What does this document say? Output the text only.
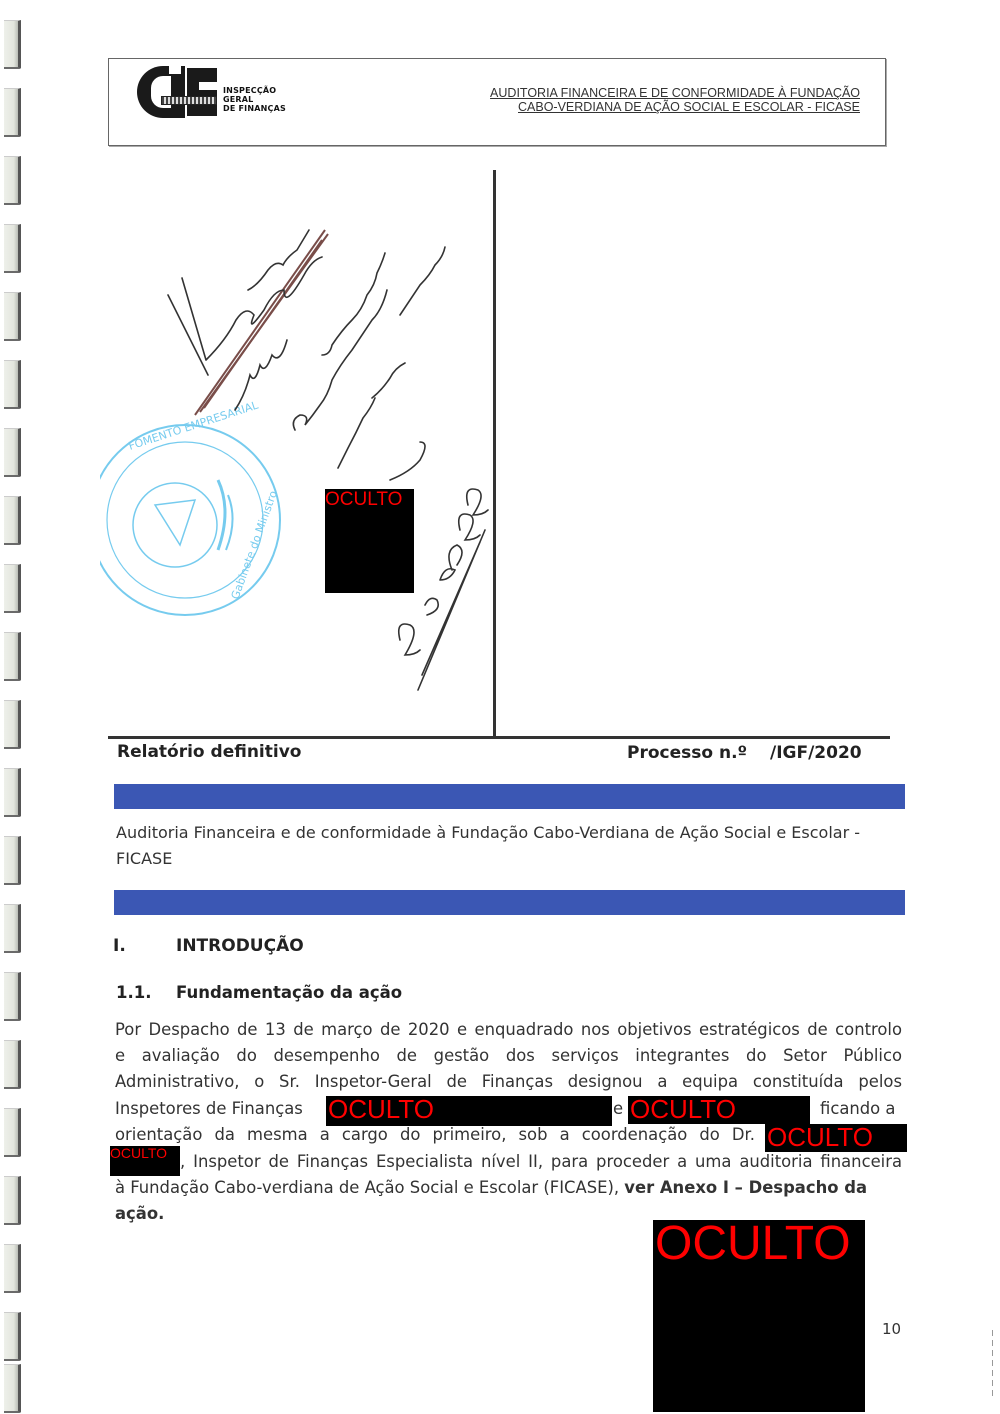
INSPECÇÃO
GERAL
DE FINANÇAS
AUDITORIA FINANCEIRA E DE CONFORMIDADE À FUNDAÇÃO
CABO-VERDIANA DE AÇÃO SOCIAL E ESCOLAR - FICASE
FOMENTO EMPRESARIAL
Gabinete do Ministro OCULTO
Relatório definitivo	Processo n.º /IGF/2020
Auditoria Financeira e de conformidade à Fundação Cabo-Verdiana de Ação Social e Escolar - FICASE
I.	INTRODUÇÃO
1.1. Fundamentação da ação
Por Despacho de 13 de março de 2020 e enquadrado nos objetivos estratégicos de controlo
e avaliação do desempenho de gestão dos serviços integrantes do Setor Público
Administrativo, o Sr. Inspetor-Geral de Finanças designou a equipa constituída pelos
Inspetores de Finanças OCULTO	e OCULTO	ficando a
orientação da mesma a cargo do primeiro, sob a coordenação do Dr. OCULTO
OCULTO , Inspetor de Finanças Especialista nível II, para proceder a uma auditoria financeira
à Fundação Cabo-verdiana de Ação Social e Escolar (FICASE), ver Anexo I – Despacho da
ação.
OCULTO
10
